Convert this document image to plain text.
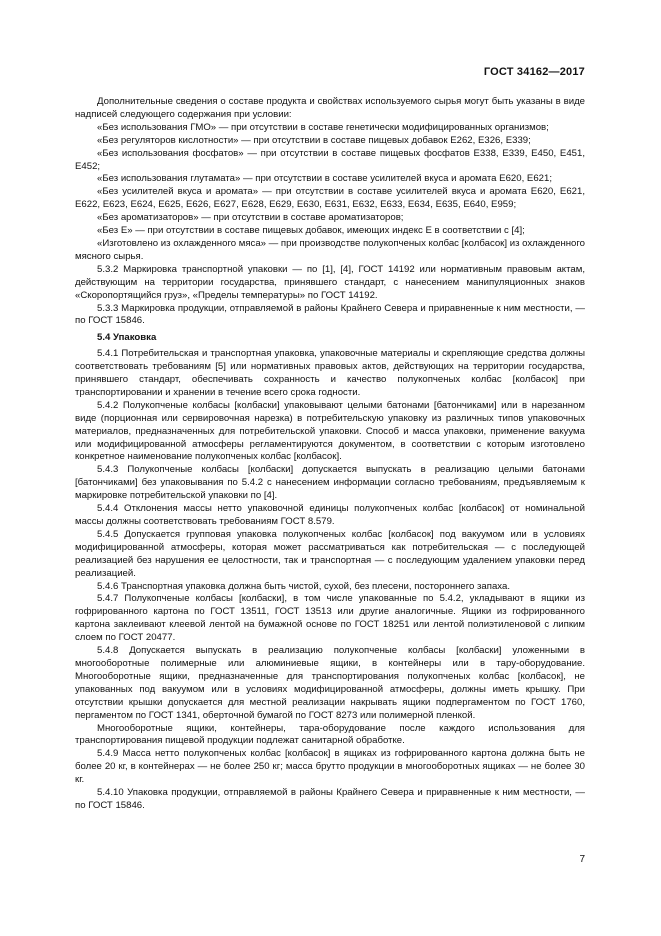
ГОСТ 34162—2017

Дополнительные сведения о составе продукта и свойствах используемого сырья могут быть указаны в виде надписей следующего содержания при условии:

«Без использования ГМО» — при отсутствии в составе генетически модифицированных организмов;

«Без регуляторов кислотности» — при отсутствии в составе пищевых добавок Е262, Е326, Е339;

«Без использования фосфатов» — при отсутствии в составе пищевых фосфатов Е338, Е339, Е450, Е451, Е452;

«Без использования глутамата» — при отсутствии в составе усилителей вкуса и аромата Е620, Е621;

«Без усилителей вкуса и аромата» — при отсутствии в составе усилителей вкуса и аромата Е620, Е621, Е622, Е623, Е624, Е625, Е626, Е627, Е628, Е629, Е630, Е631, Е632, Е633, Е634, Е635, Е640, Е959;

«Без ароматизаторов» — при отсутствии в составе ароматизаторов;

«Без Е» — при отсутствии в составе пищевых добавок, имеющих индекс Е в соответствии с [4];

«Изготовлено из охлажденного мяса» — при производстве полукопченых колбас [колбасок] из охлажденного мясного сырья.

5.3.2 Маркировка транспортной упаковки — по [1], [4], ГОСТ 14192 или нормативным правовым актам, действующим на территории государства, принявшего стандарт, с нанесением манипуляционных знаков «Скоропортящийся груз», «Пределы температуры» по ГОСТ 14192.

5.3.3 Маркировка продукции, отправляемой в районы Крайнего Севера и приравненные к ним местности, — по ГОСТ 15846.

5.4 Упаковка

5.4.1 Потребительская и транспортная упаковка, упаковочные материалы и скрепляющие средства должны соответствовать требованиям [5] или нормативных правовых актов, действующих на территории государства, принявшего стандарт, обеспечивать сохранность и качество полукопченых колбас [колбасок] при транспортировании и хранении в течение всего срока годности.

5.4.2 Полукопченые колбасы [колбаски] упаковывают целыми батонами [батончиками] или в нарезанном виде (порционная или сервировочная нарезка) в потребительскую упаковку из различных типов упаковочных материалов, предназначенных для потребительской упаковки. Способ и масса упаковки, применение вакуума или модифицированной атмосферы регламентируются документом, в соответствии с которым изготовлено конкретное наименование полукопченых колбас [колбасок].

5.4.3 Полукопченые колбасы [колбаски] допускается выпускать в реализацию целыми батонами [батончиками] без упаковывания по 5.4.2 с нанесением информации согласно требованиям, предъявляемым к маркировке потребительской упаковки по [4].

5.4.4 Отклонения массы нетто упаковочной единицы полукопченых колбас [колбасок] от номинальной массы должны соответствовать требованиям ГОСТ 8.579.

5.4.5 Допускается групповая упаковка полукопченых колбас [колбасок] под вакуумом или в условиях модифицированной атмосферы, которая может рассматриваться как потребительская — с последующей реализацией без нарушения ее целостности, так и транспортная — с последующим удалением упаковки перед реализацией.

5.4.6 Транспортная упаковка должна быть чистой, сухой, без плесени, постороннего запаха.

5.4.7 Полукопченые колбасы [колбаски], в том числе упакованные по 5.4.2, укладывают в ящики из гофрированного картона по ГОСТ 13511, ГОСТ 13513 или другие аналогичные. Ящики из гофрированного картона заклеивают клеевой лентой на бумажной основе по ГОСТ 18251 или лентой полиэтиленовой с липким слоем по ГОСТ 20477.

5.4.8 Допускается выпускать в реализацию полукопченые колбасы [колбаски] уложенными в многооборотные полимерные или алюминиевые ящики, в контейнеры или в тару-оборудование. Многооборотные ящики, предназначенные для транспортирования полукопченых колбас [колбасок], не упакованных под вакуумом или в условиях модифицированной атмосферы, должны иметь крышку. При отсутствии крышки допускается для местной реализации накрывать ящики подпергаментом по ГОСТ 1760, пергаментом по ГОСТ 1341, оберточной бумагой по ГОСТ 8273 или полимерной пленкой.

Многооборотные ящики, контейнеры, тара-оборудование после каждого использования для транспортирования пищевой продукции подлежат санитарной обработке.

5.4.9 Масса нетто полукопченых колбас [колбасок] в ящиках из гофрированного картона должна быть не более 20 кг, в контейнерах — не более 250 кг; масса брутто продукции в многооборотных ящиках — не более 30 кг.

5.4.10 Упаковка продукции, отправляемой в районы Крайнего Севера и приравненные к ним местности, — по ГОСТ 15846.

7
